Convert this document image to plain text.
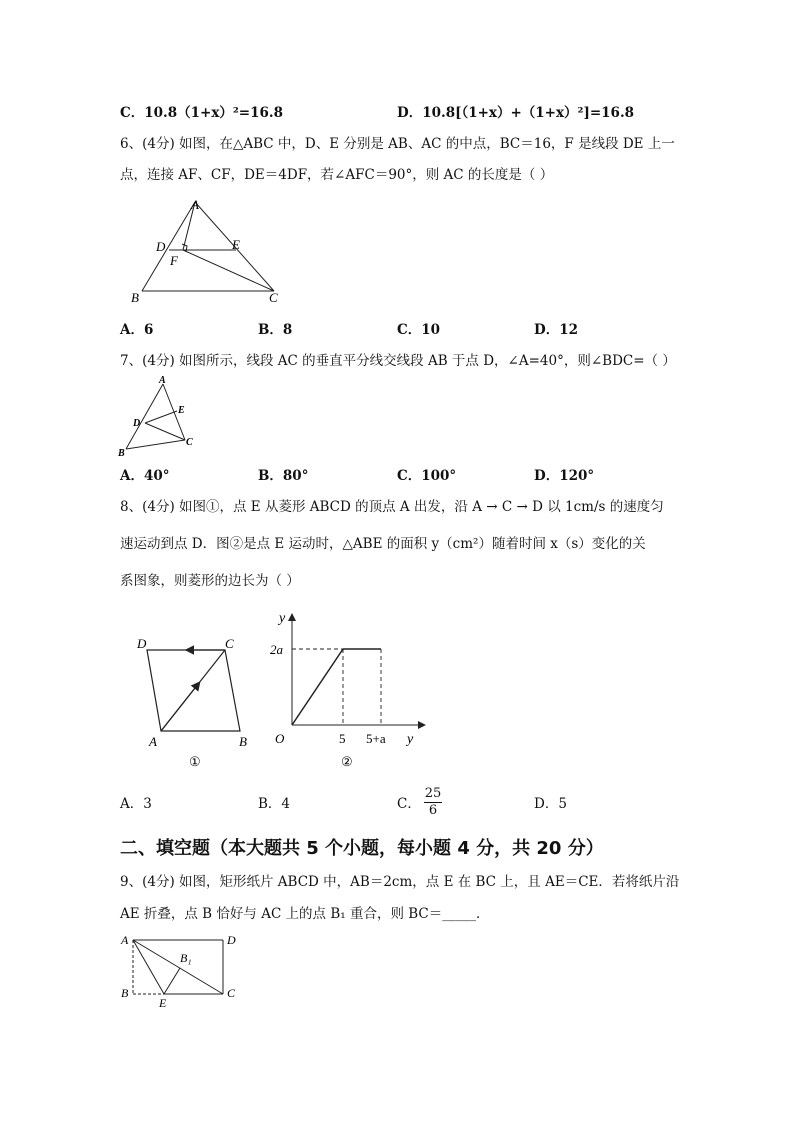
C．10.8（1+x）²=16.8	D．10.8[（1+x）+（1+x）²]=16.8
6、(4分) 如图，在△ABC 中，D、E 分别是 AB、AC 的中点，BC＝16，F 是线段 DE 上一
点，连接 AF、CF，DE＝4DF，若∠AFC＝90°，则 AC 的长度是（ ）
A
D	E
F
B	C
A．6	B．8	C．10	D．12
7、(4分) 如图所示，线段 AC 的垂直平分线交线段 AB 于点 D，∠A=40°，则∠BDC=（ ）
A
E
D
C
B
A．40°	B．80°	C．100°	D．120°
8、(4分) 如图①，点 E 从菱形 ABCD 的顶点 A 出发，沿 A → C → D 以 1cm/s 的速度匀
速运动到点 D．图②是点 E 运动时，△ABE 的面积 y（cm²）随着时间 x（s）变化的关
系图象，则菱形的边长为（ ）
D	C
A	B
①
y
2a
O	5 5+a y
②
A．3	B．4	C． $\frac{25}{6}$	D．5
二、填空题（本大题共 5 个小题，每小题 4 分，共 20 分）
9、(4分) 如图，矩形纸片 ABCD 中，AB＝2cm，点 E 在 BC 上，且 AE＝CE．若将纸片沿
AE 折叠，点 B 恰好与 AC 上的点 B₁ 重合，则 BC＝_____．
A	D
B₁
B
E
C
